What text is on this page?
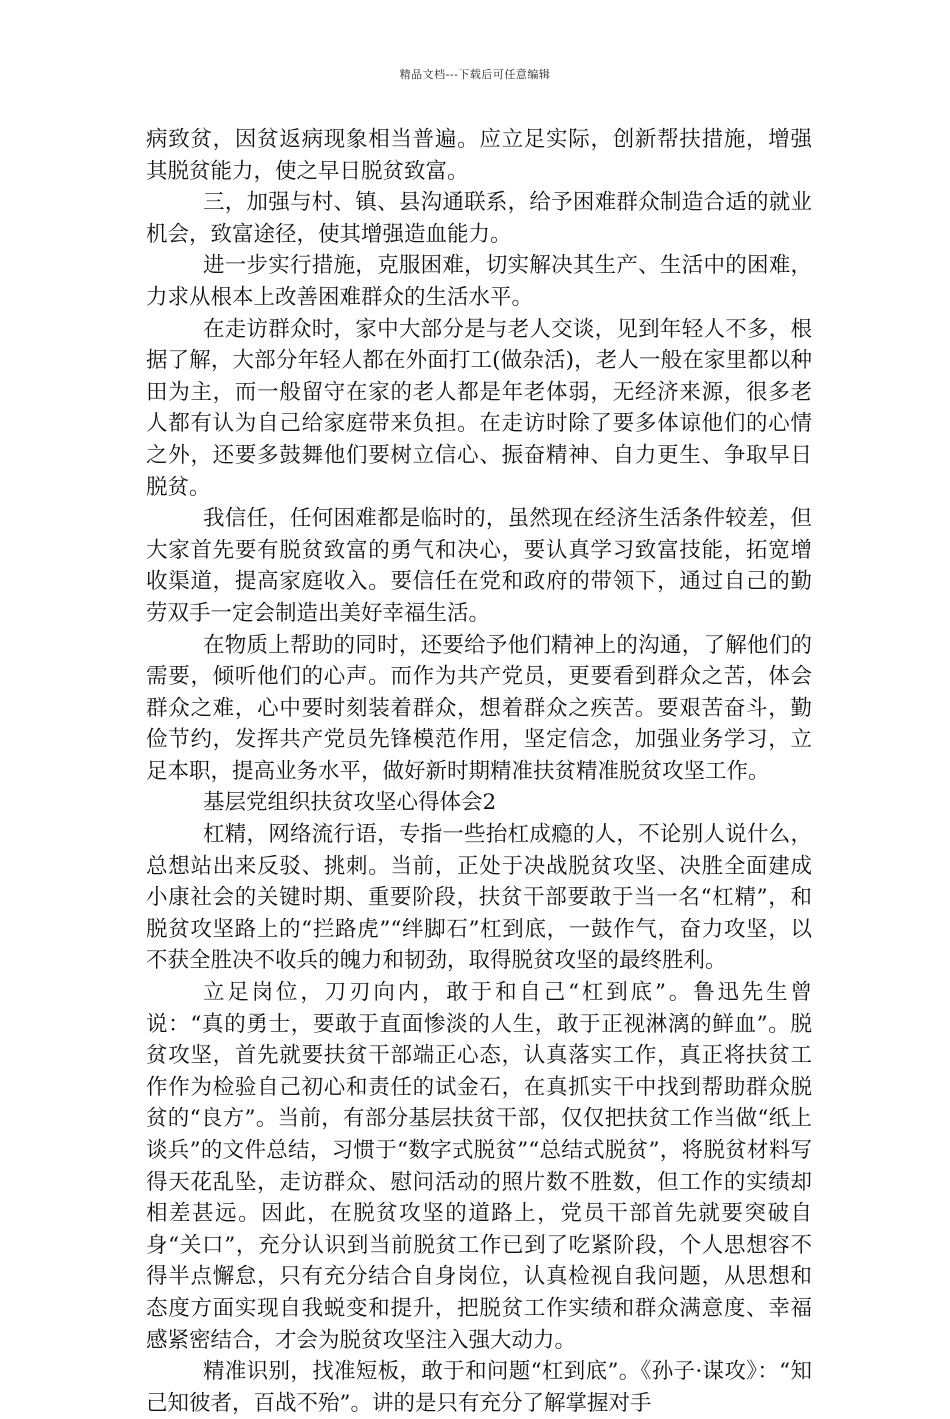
精品文档---下载后可任意编辑

病致贫，因贫返病现象相当普遍。应立足实际，创新帮扶措施，增强其脱贫能力，使之早日脱贫致富。

三，加强与村、镇、县沟通联系，给予困难群众制造合适的就业机会，致富途径，使其增强造血能力。

进一步实行措施，克服困难，切实解决其生产、生活中的困难，力求从根本上改善困难群众的生活水平。

在走访群众时，家中大部分是与老人交谈，见到年轻人不多，根据了解，大部分年轻人都在外面打工(做杂活)，老人一般在家里都以种田为主，而一般留守在家的老人都是年老体弱，无经济来源，很多老人都有认为自己给家庭带来负担。在走访时除了要多体谅他们的心情之外，还要多鼓舞他们要树立信心、振奋精神、自力更生、争取早日脱贫。

我信任，任何困难都是临时的，虽然现在经济生活条件较差，但大家首先要有脱贫致富的勇气和决心，要认真学习致富技能，拓宽增收渠道，提高家庭收入。要信任在党和政府的带领下，通过自己的勤劳双手一定会制造出美好幸福生活。

在物质上帮助的同时，还要给予他们精神上的沟通，了解他们的需要，倾听他们的心声。而作为共产党员，更要看到群众之苦，体会群众之难，心中要时刻装着群众，想着群众之疾苦。要艰苦奋斗，勤俭节约，发挥共产党员先锋模范作用，坚定信念，加强业务学习，立足本职，提高业务水平，做好新时期精准扶贫精准脱贫攻坚工作。

基层党组织扶贫攻坚心得体会2

杠精，网络流行语，专指一些抬杠成瘾的人，不论别人说什么，总想站出来反驳、挑刺。当前，正处于决战脱贫攻坚、决胜全面建成小康社会的关键时期、重要阶段，扶贫干部要敢于当一名“杠精”，和脱贫攻坚路上的“拦路虎”“绊脚石”杠到底，一鼓作气，奋力攻坚，以不获全胜决不收兵的魄力和韧劲，取得脱贫攻坚的最终胜利。

立足岗位，刀刃向内，敢于和自己“杠到底”。鲁迅先生曾说：“真的勇士，要敢于直面惨淡的人生，敢于正视淋漓的鲜血”。脱贫攻坚，首先就要扶贫干部端正心态，认真落实工作，真正将扶贫工作作为检验自己初心和责任的试金石，在真抓实干中找到帮助群众脱贫的“良方”。当前，有部分基层扶贫干部，仅仅把扶贫工作当做“纸上谈兵”的文件总结，习惯于“数字式脱贫”“总结式脱贫”，将脱贫材料写得天花乱坠，走访群众、慰问活动的照片数不胜数，但工作的实绩却相差甚远。因此，在脱贫攻坚的道路上，党员干部首先就要突破自身“关口”，充分认识到当前脱贫工作已到了吃紧阶段，个人思想容不得半点懈怠，只有充分结合自身岗位，认真检视自我问题，从思想和态度方面实现自我蜕变和提升，把脱贫工作实绩和群众满意度、幸福感紧密结合，才会为脱贫攻坚注入强大动力。

精准识别，找准短板，敢于和问题“杠到底”。《孙子·谋攻》：“知己知彼者，百战不殆”。讲的是只有充分了解掌握对手
